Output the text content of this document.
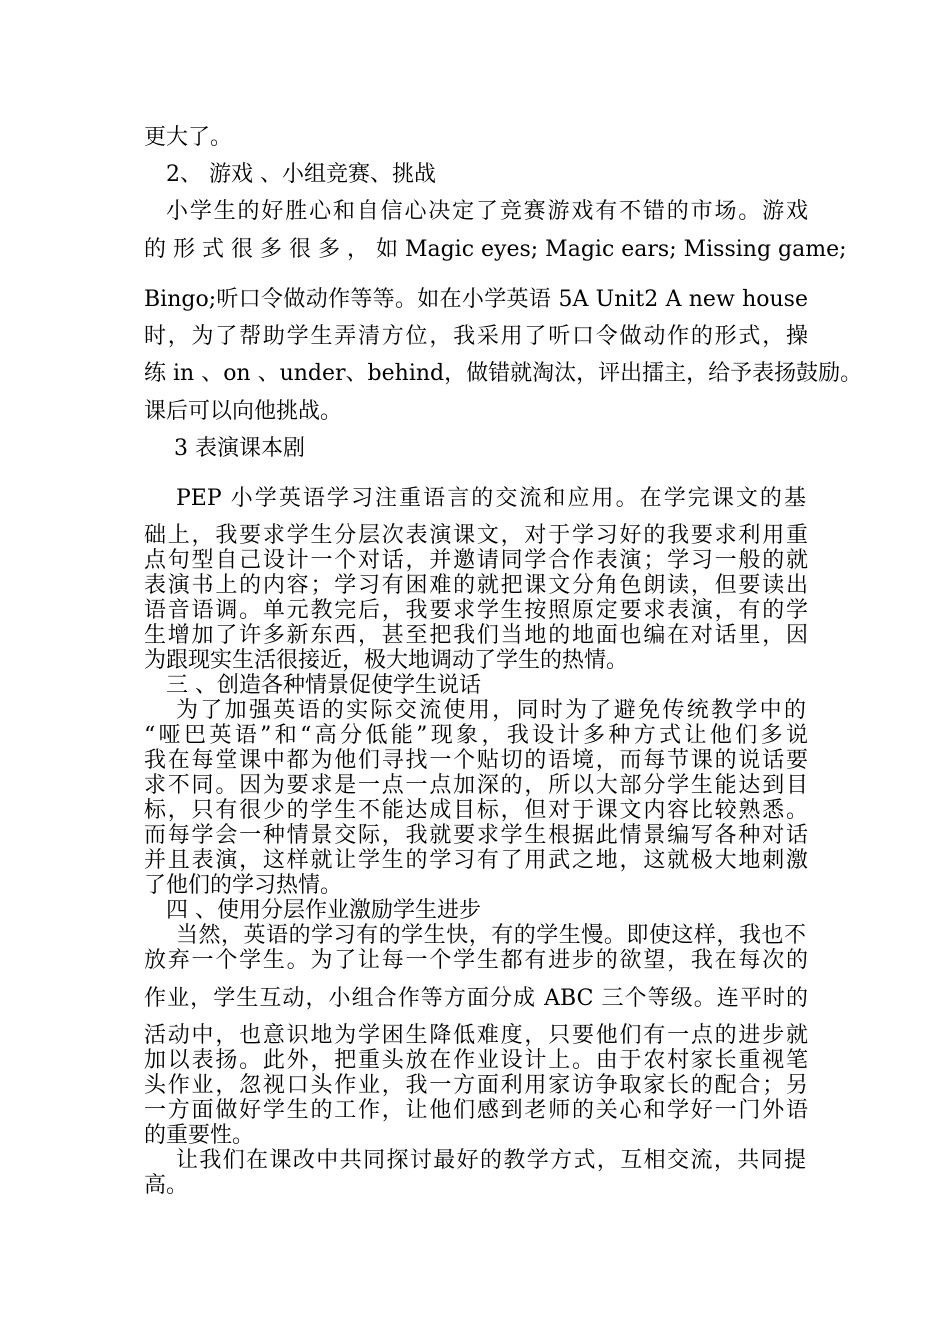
更大了。

2、 游戏 、小组竞赛、挑战

小学生的好胜心和自信心决定了竞赛游戏有不错的市场。游戏

的 形 式 很 多 很 多 ， 如 Magic eyes; Magic ears; Missing game;

Bingo;听口令做动作等等。如在小学英语 5A Unit2 A new house

时，为了帮助学生弄清方位，我采用了听口令做动作的形式，操

练 in 、on 、under、behind，做错就淘汰，评出擂主，给予表扬鼓励。

课后可以向他挑战。

3 表演课本剧

PEP 小学英语学习注重语言的交流和应用。在学完课文的基

础上，我要求学生分层次表演课文，对于学习好的我要求利用重

点句型自己设计一个对话，并邀请同学合作表演；学习一般的就

表演书上的内容；学习有困难的就把课文分角色朗读，但要读出

语音语调。单元教完后，我要求学生按照原定要求表演，有的学

生增加了许多新东西，甚至把我们当地的地面也编在对话里，因

为跟现实生活很接近，极大地调动了学生的热情。

三 、创造各种情景促使学生说话

为了加强英语的实际交流使用，同时为了避免传统教学中的

“哑巴英语”和“高分低能”现象，我设计多种方式让他们多说

我在每堂课中都为他们寻找一个贴切的语境，而每节课的说话要

求不同。因为要求是一点一点加深的，所以大部分学生能达到目

标，只有很少的学生不能达成目标，但对于课文内容比较熟悉。

而每学会一种情景交际，我就要求学生根据此情景编写各种对话

并且表演，这样就让学生的学习有了用武之地，这就极大地刺激

了他们的学习热情。

四 、使用分层作业激励学生进步

当然，英语的学习有的学生快，有的学生慢。即使这样，我也不

放弃一个学生。为了让每一个学生都有进步的欲望，我在每次的

作业，学生互动，小组合作等方面分成 ABC 三个等级。连平时的

活动中，也意识地为学困生降低难度，只要他们有一点的进步就

加以表扬。此外，把重头放在作业设计上。由于农村家长重视笔

头作业，忽视口头作业，我一方面利用家访争取家长的配合；另

一方面做好学生的工作，让他们感到老师的关心和学好一门外语

的重要性。

让我们在课改中共同探讨最好的教学方式，互相交流，共同提

高。
